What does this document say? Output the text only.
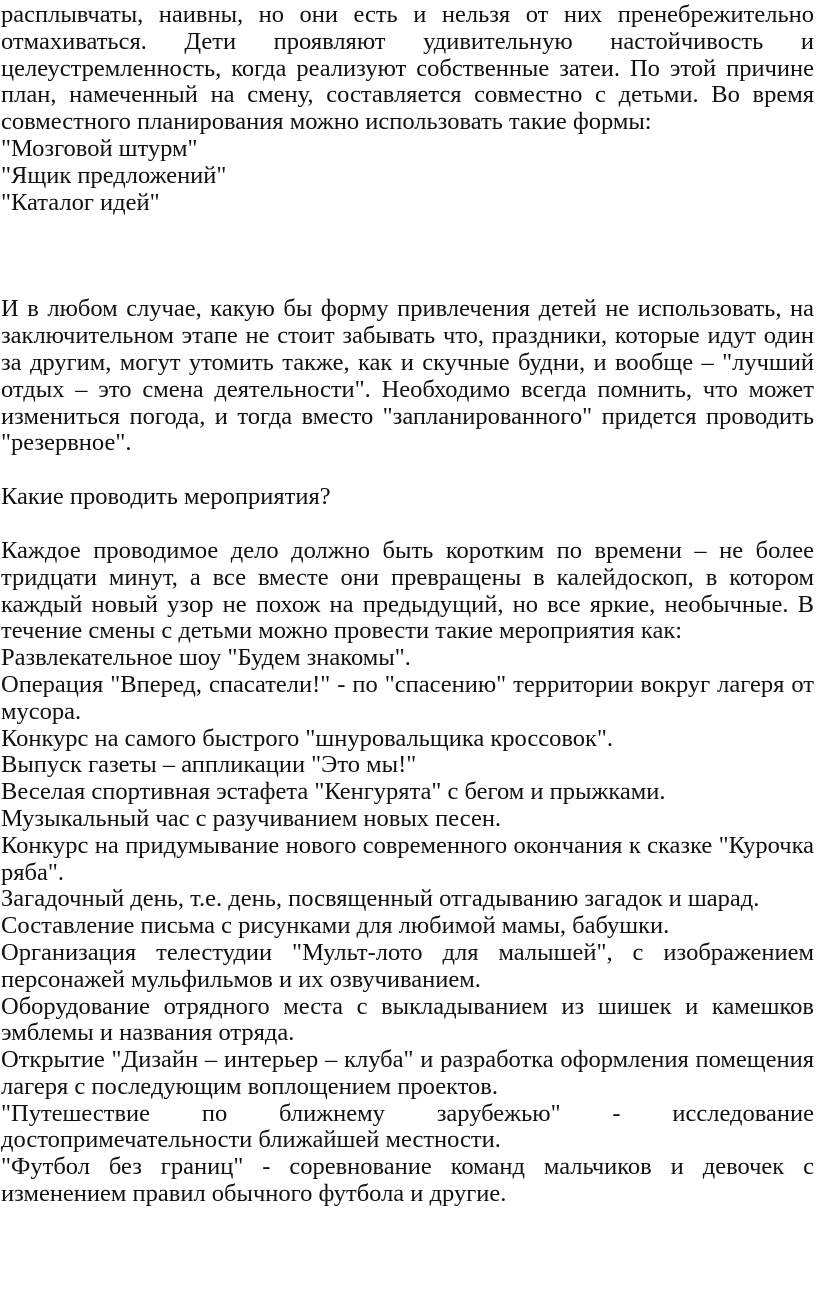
расплывчаты, наивны, но они есть и нельзя от них пренебрежительно отмахиваться. Дети проявляют удивительную настойчивость и целеустремленность, когда реализуют собственные затеи. По этой причине план, намеченный на смену, составляется совместно с детьми. Во время совместного планирования можно использовать такие формы:

"Мозговой штурм"

"Ящик предложений"

"Каталог идей"

И в любом случае, какую бы форму привлечения детей не использовать, на заключительном этапе не стоит забывать что, праздники, которые идут один за другим, могут утомить также, как и скучные будни, и вообще – "лучший отдых – это смена деятельности". Необходимо всегда помнить, что может измениться погода, и тогда вместо "запланированного" придется проводить "резервное".

Какие проводить мероприятия?

Каждое проводимое дело должно быть коротким по времени – не более тридцати минут, а все вместе они превращены в калейдоскоп, в котором каждый новый узор не похож на предыдущий, но все яркие, необычные. В течение смены с детьми можно провести такие мероприятия как:

Развлекательное шоу "Будем знакомы".

Операция "Вперед, спасатели!" - по "спасению" территории вокруг лагеря от мусора.

Конкурс на самого быстрого "шнуровальщика кроссовок".

Выпуск газеты – аппликации "Это мы!"

Веселая спортивная эстафета "Кенгурята" с бегом и прыжками.

Музыкальный час с разучиванием новых песен.

Конкурс на придумывание нового современного окончания к сказке "Курочка ряба".

Загадочный день, т.е. день, посвященный отгадыванию загадок и шарад.

Составление письма с рисунками для любимой мамы, бабушки.

Организация телестудии "Мульт-лото для малышей", с изображением персонажей мульфильмов и их озвучиванием.

Оборудование отрядного места с выкладыванием из шишек и камешков эмблемы и названия отряда.

Открытие "Дизайн – интерьер – клуба" и разработка оформления помещения лагеря с последующим воплощением проектов.

"Путешествие по ближнему зарубежью" - исследование достопримечательности ближайшей местности.

"Футбол без границ" - соревнование команд мальчиков и девочек с изменением правил обычного футбола и другие.
